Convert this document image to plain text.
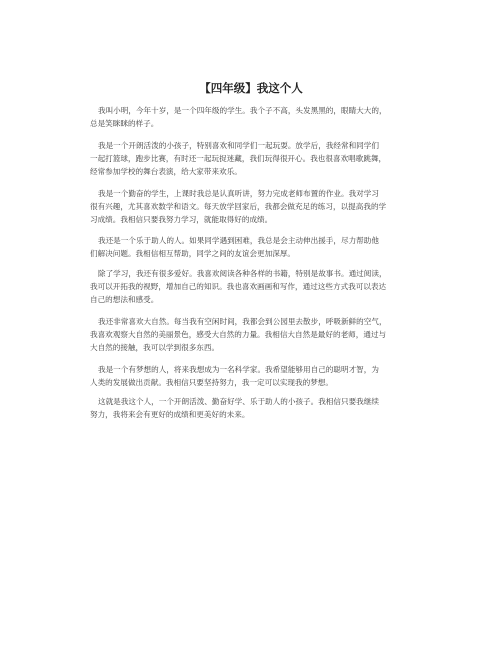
【四年级】我这个人
我叫小明，今年十岁，是一个四年级的学生。我个子不高，头发黑黑的，眼睛大大的，
总是笑眯眯的样子。
我是一个开朗活泼的小孩子，特别喜欢和同学们一起玩耍。放学后，我经常和同学们
一起打篮球，跑步比赛，有时还一起玩捉迷藏，我们玩得很开心。我也很喜欢唱歌跳舞，
经常参加学校的舞台表演，给大家带来欢乐。
我是一个勤奋的学生，上课时我总是认真听讲，努力完成老师布置的作业。我对学习
很有兴趣，尤其喜欢数学和语文。每天放学回家后，我都会做充足的练习，以提高我的学
习成绩。我相信只要我努力学习，就能取得好的成绩。
我还是一个乐于助人的人。如果同学遇到困难，我总是会主动伸出援手，尽力帮助他
们解决问题。我相信相互帮助，同学之间的友谊会更加深厚。
除了学习，我还有很多爱好。我喜欢阅读各种各样的书籍，特别是故事书。通过阅读，
我可以开拓我的视野，增加自己的知识。我也喜欢画画和写作，通过这些方式我可以表达
自己的想法和感受。
我还非常喜欢大自然。每当我有空闲时间，我都会到公园里去散步，呼吸新鲜的空气，
我喜欢观察大自然的美丽景色，感受大自然的力量。我相信大自然是最好的老师，通过与
大自然的接触，我可以学到很多东西。
我是一个有梦想的人，将来我想成为一名科学家。我希望能够用自己的聪明才智，为
人类的发展做出贡献。我相信只要坚持努力，我一定可以实现我的梦想。
这就是我这个人，一个开朗活泼、勤奋好学、乐于助人的小孩子。我相信只要我继续
努力，我将来会有更好的成绩和更美好的未来。
